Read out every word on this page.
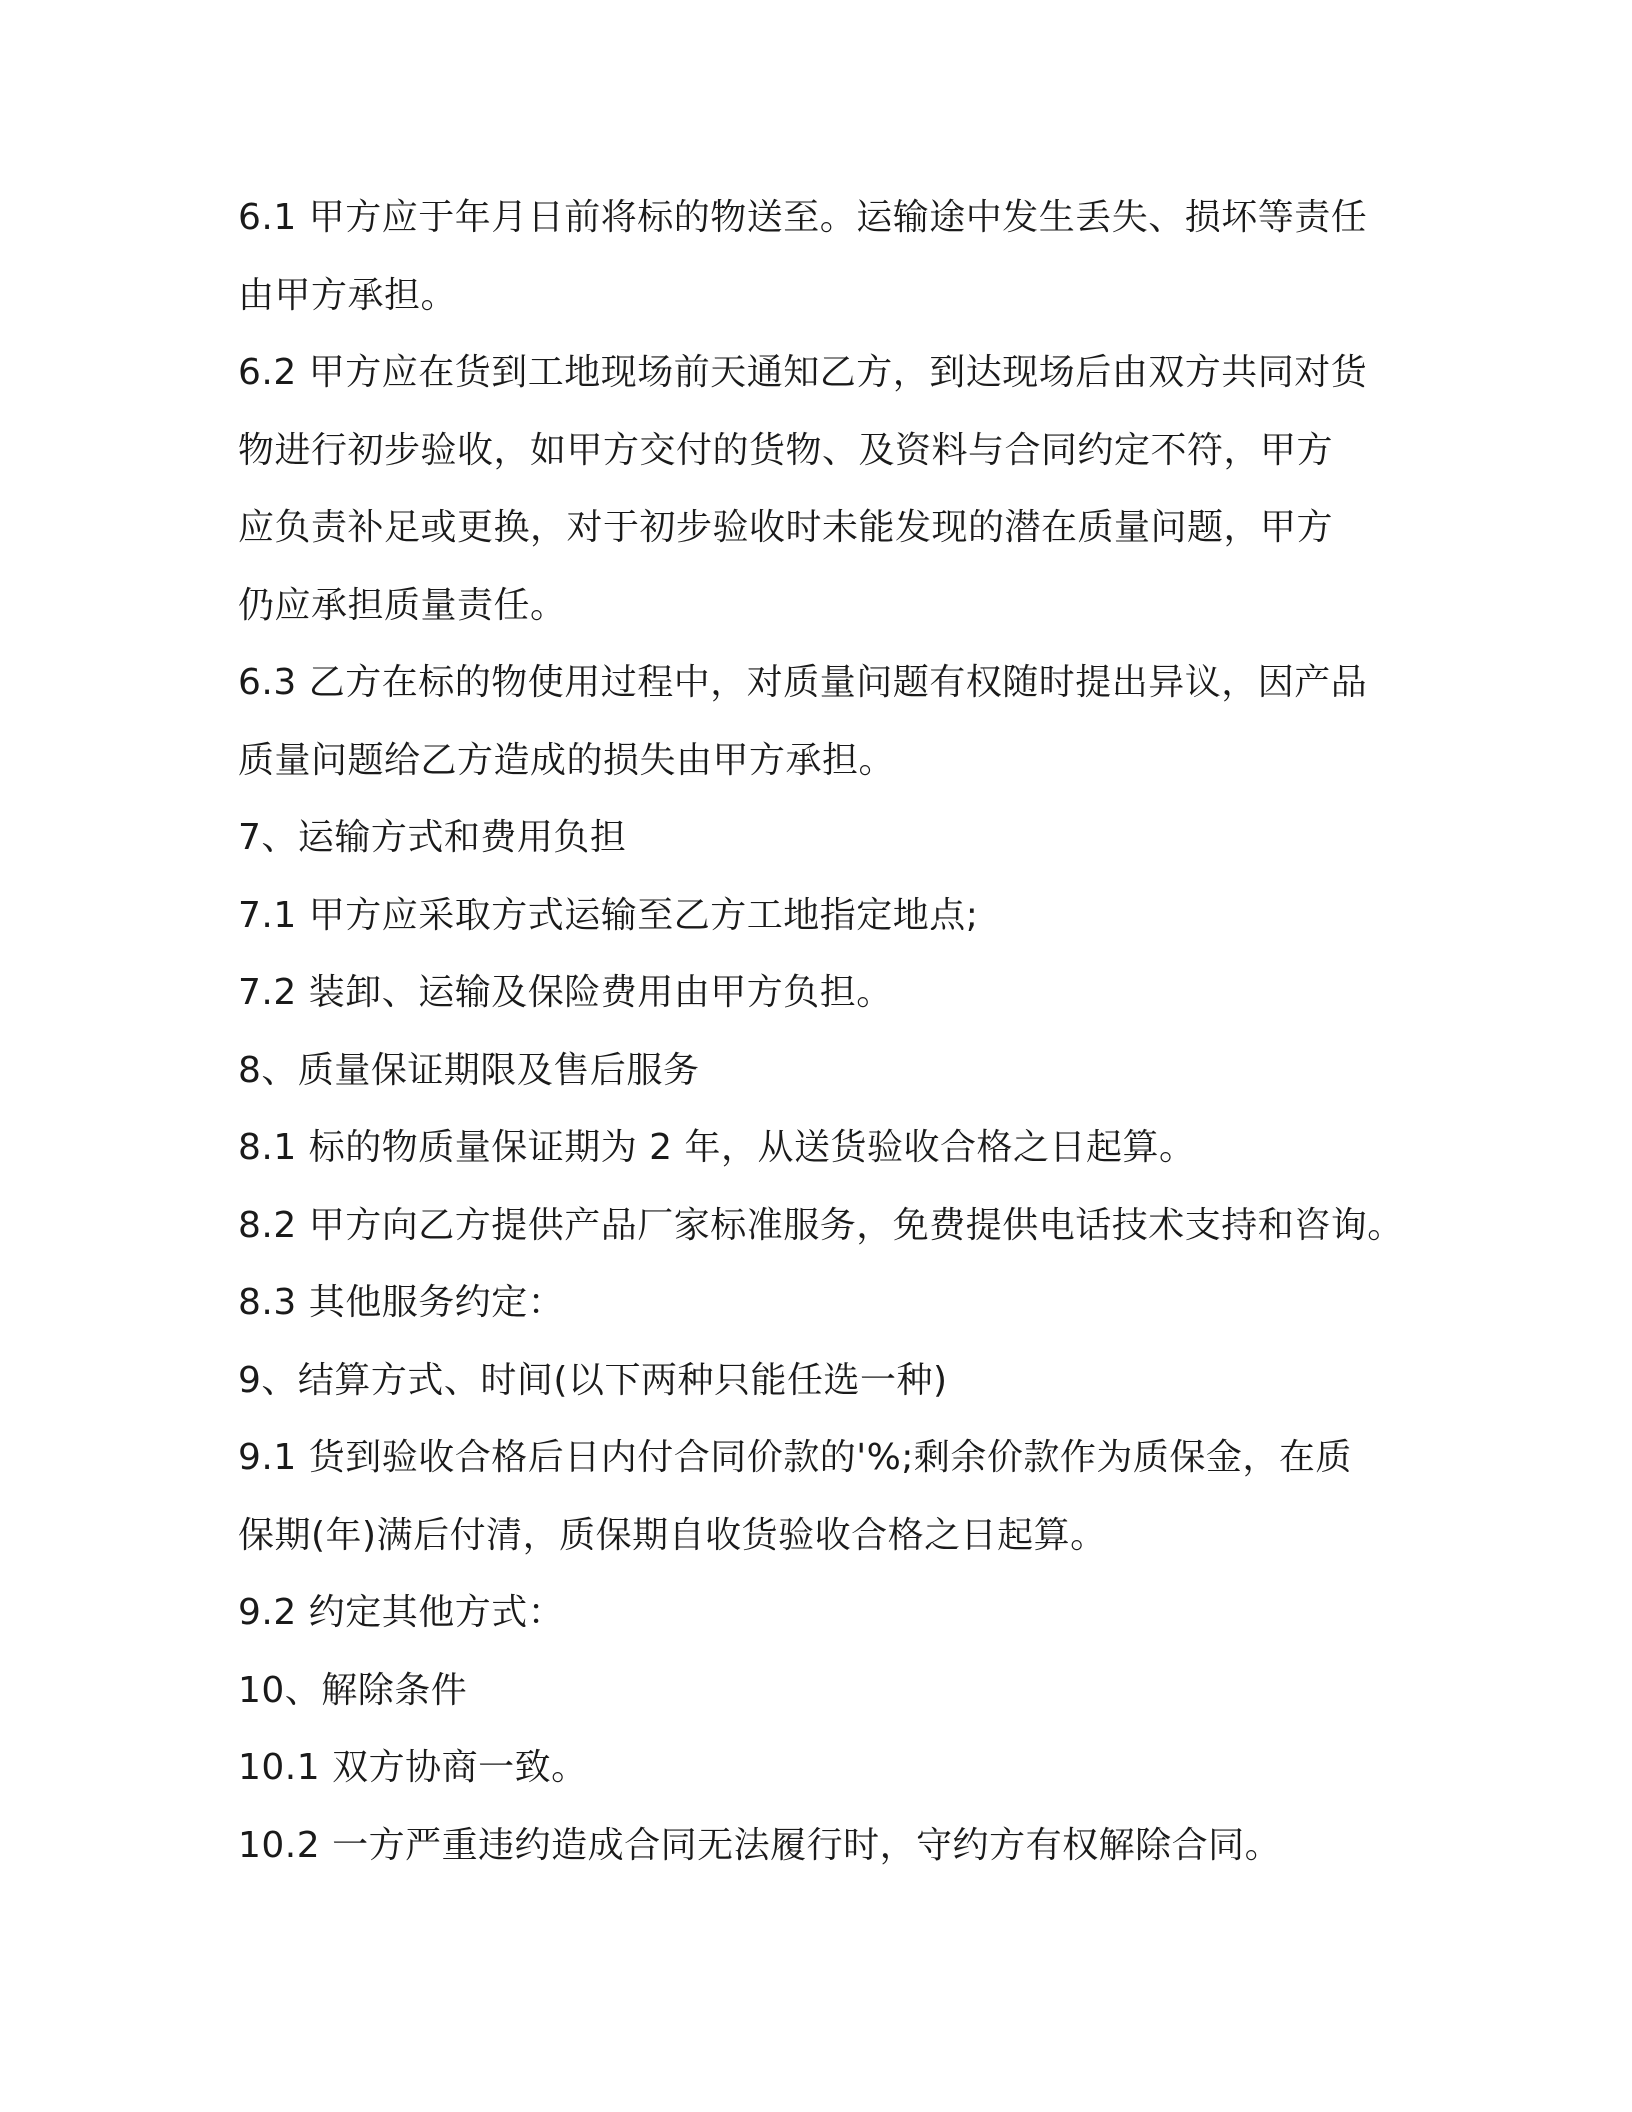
6.1 甲方应于年月日前将标的物送至。运输途中发生丢失、损坏等责任
由甲方承担。
6.2 甲方应在货到工地现场前天通知乙方，到达现场后由双方共同对货
物进行初步验收，如甲方交付的货物、及资料与合同约定不符，甲方
应负责补足或更换，对于初步验收时未能发现的潜在质量问题，甲方
仍应承担质量责任。
6.3 乙方在标的物使用过程中，对质量问题有权随时提出异议，因产品
质量问题给乙方造成的损失由甲方承担。
7、运输方式和费用负担
7.1 甲方应采取方式运输至乙方工地指定地点;
7.2 装卸、运输及保险费用由甲方负担。
8、质量保证期限及售后服务
8.1 标的物质量保证期为 2 年，从送货验收合格之日起算。
8.2 甲方向乙方提供产品厂家标准服务，免费提供电话技术支持和咨询。
8.3 其他服务约定：
9、结算方式、时间(以下两种只能任选一种)
9.1 货到验收合格后日内付合同价款的'%;剩余价款作为质保金，在质
保期(年)满后付清，质保期自收货验收合格之日起算。
9.2 约定其他方式：
10、解除条件
10.1 双方协商一致。
10.2 一方严重违约造成合同无法履行时，守约方有权解除合同。
